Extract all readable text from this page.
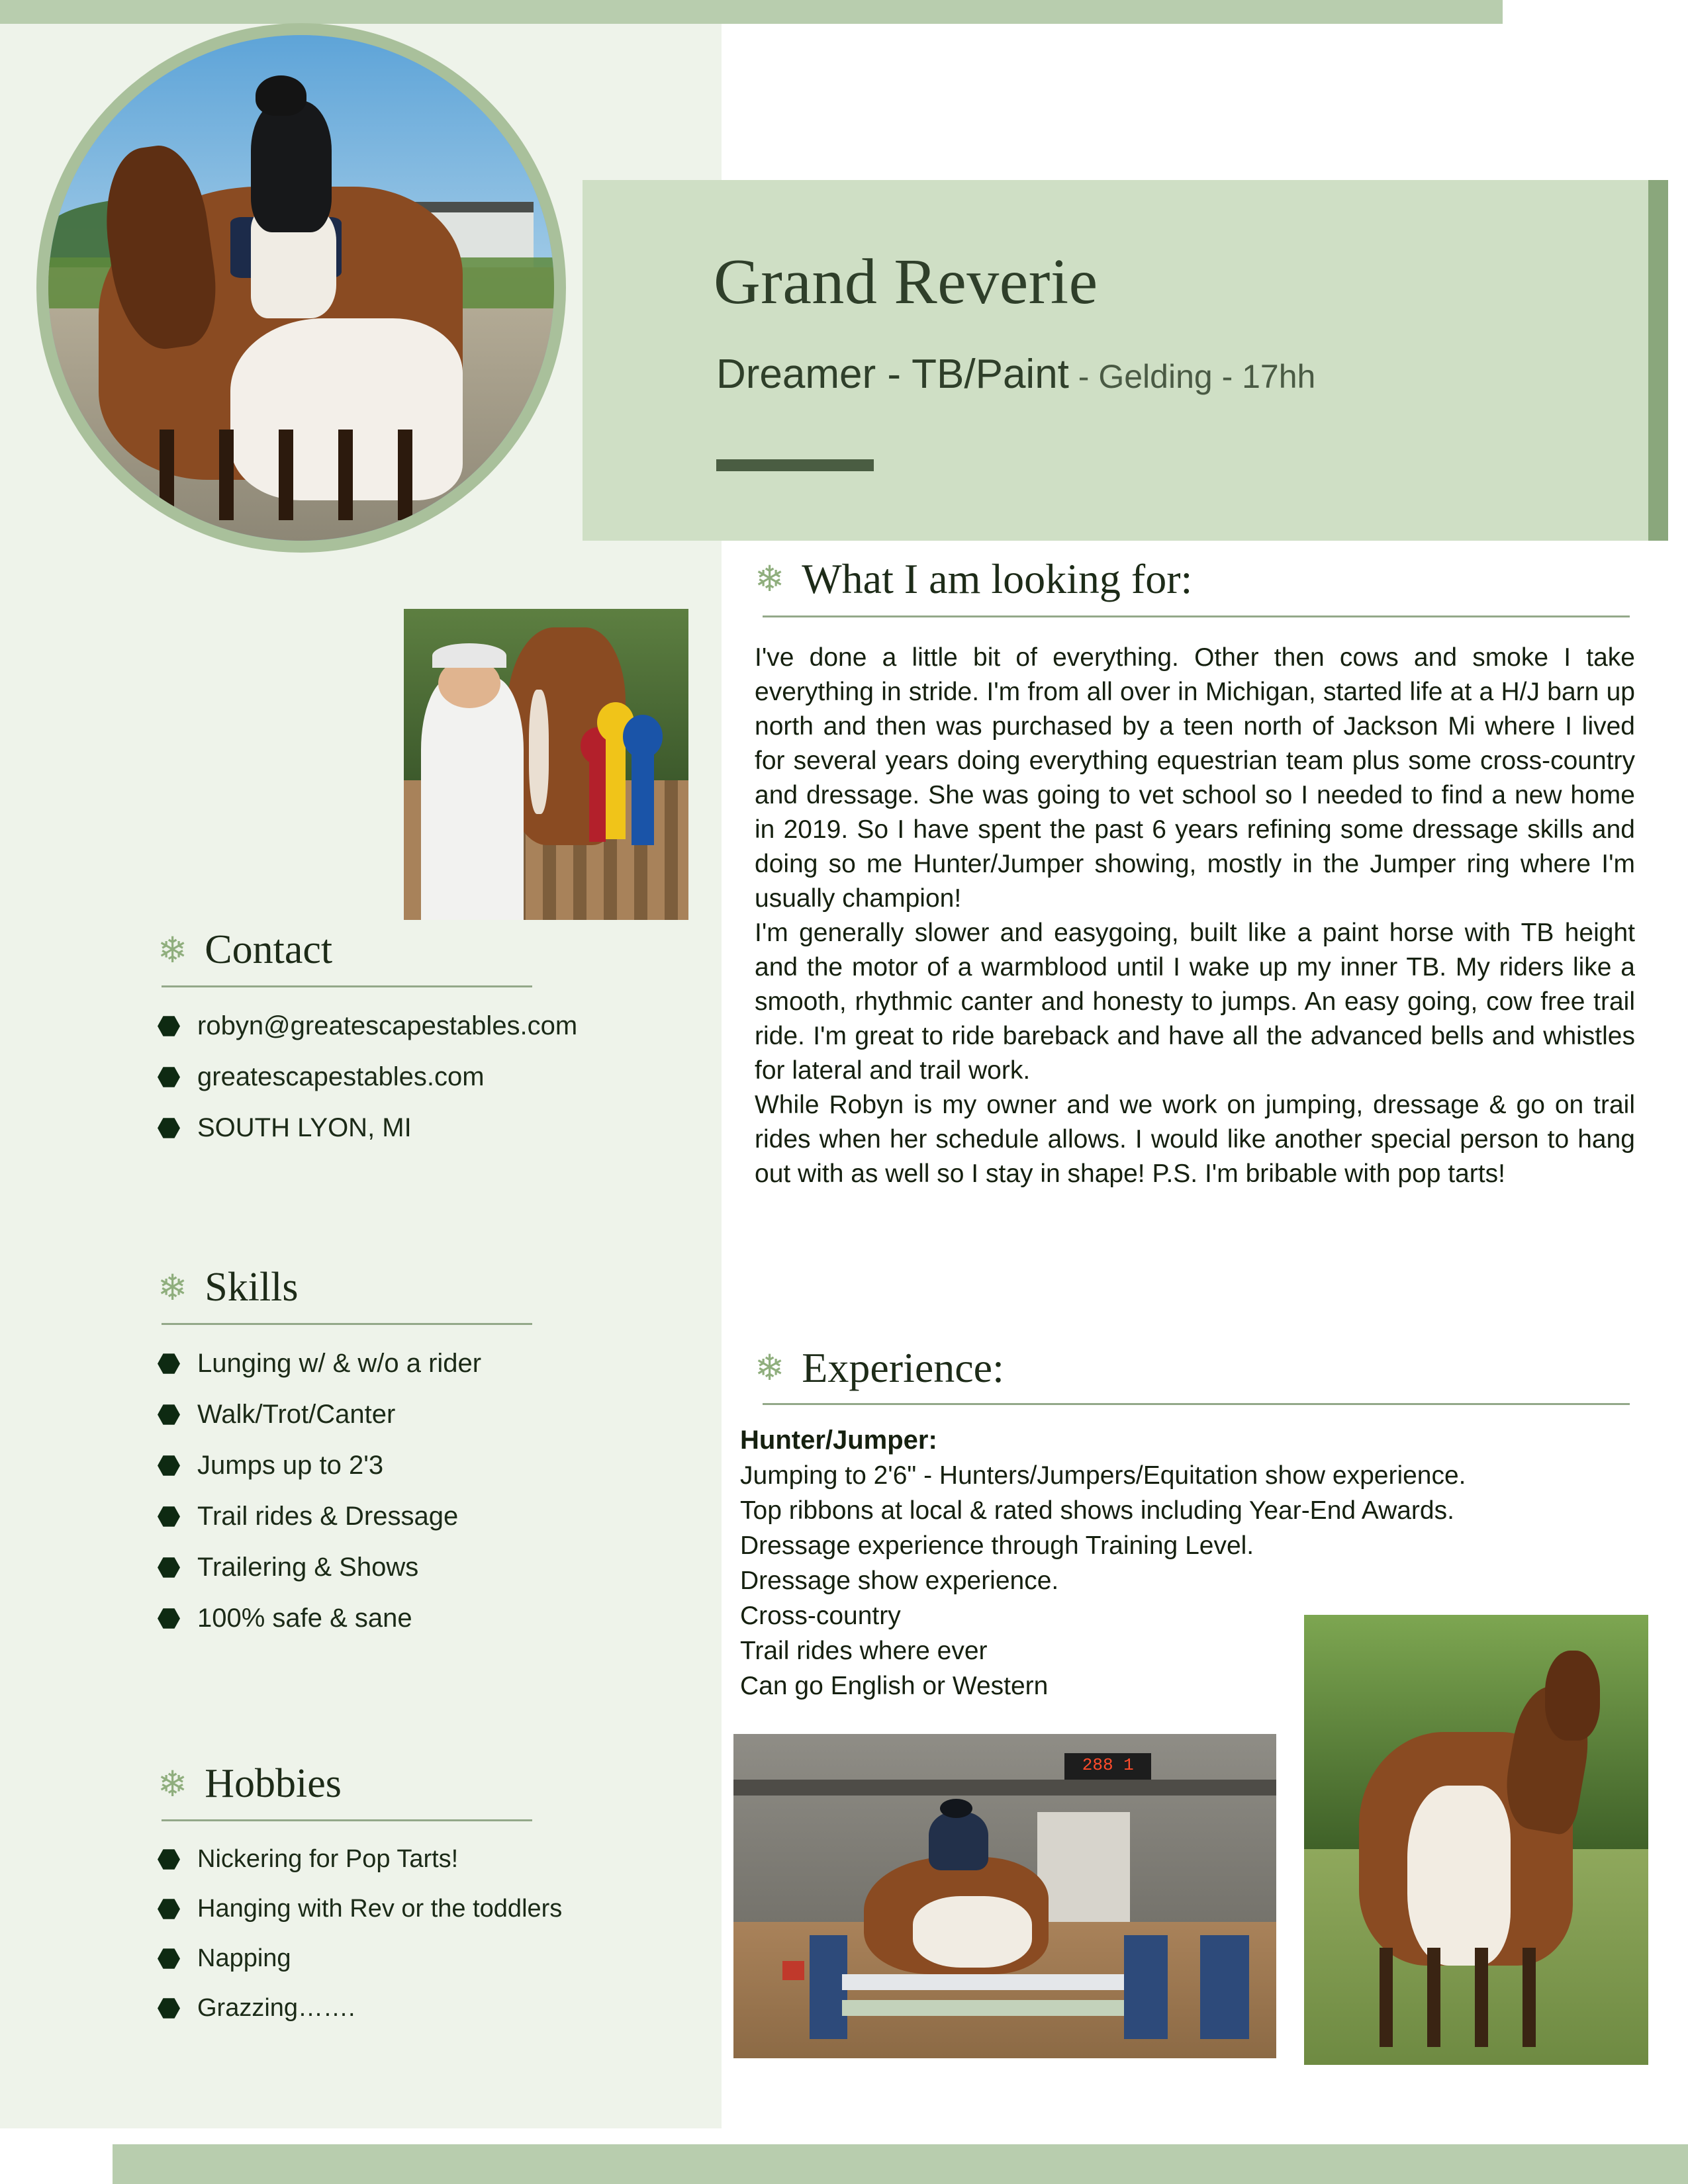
Grand Reverie
Dreamer - TB/Paint - Gelding - 17hh
❄ Contact
robyn@greatescapestables.com
greatescapestables.com
SOUTH LYON, MI
❄ Skills
Lunging w/ & w/o a rider
Walk/Trot/Canter
Jumps up to 2'3
Trail rides & Dressage
Trailering & Shows
100% safe & sane
❄ Hobbies
Nickering for Pop Tarts!
Hanging with Rev or the toddlers
Napping
Grazzing…….
❄ What I am looking for:

I've done a little bit of everything. Other then cows and smoke I take everything in stride. I'm from all over in Michigan, started life at a H/J barn up north and then was purchased by a teen north of Jackson Mi where I lived for several years doing everything equestrian team plus some cross-country and dressage. She was going to vet school so I needed to find a new home in 2019. So I have spent the past 6 years refining some dressage skills and doing so me Hunter/Jumper showing, mostly in the Jumper ring where I'm usually champion!

I'm generally slower and easygoing, built like a paint horse with TB height and the motor of a warmblood until I wake up my inner TB. My riders like a smooth, rhythmic canter and honesty to jumps. An easy going, cow free trail ride. I'm great to ride bareback and have all the advanced bells and whistles for lateral and trail work.

While Robyn is my owner and we work on jumping, dressage & go on trail rides when her schedule allows. I would like another special person to hang out with as well so I stay in shape! P.S. I'm bribable with pop tarts!

❄ Experience:
Hunter/Jumper:
Jumping to 2'6" - Hunters/Jumpers/Equitation show experience.
Top ribbons at local & rated shows including Year-End Awards.
Dressage experience through Training Level.
Dressage show experience.
Cross-country
Trail rides where ever
Can go English or Western
288 1
